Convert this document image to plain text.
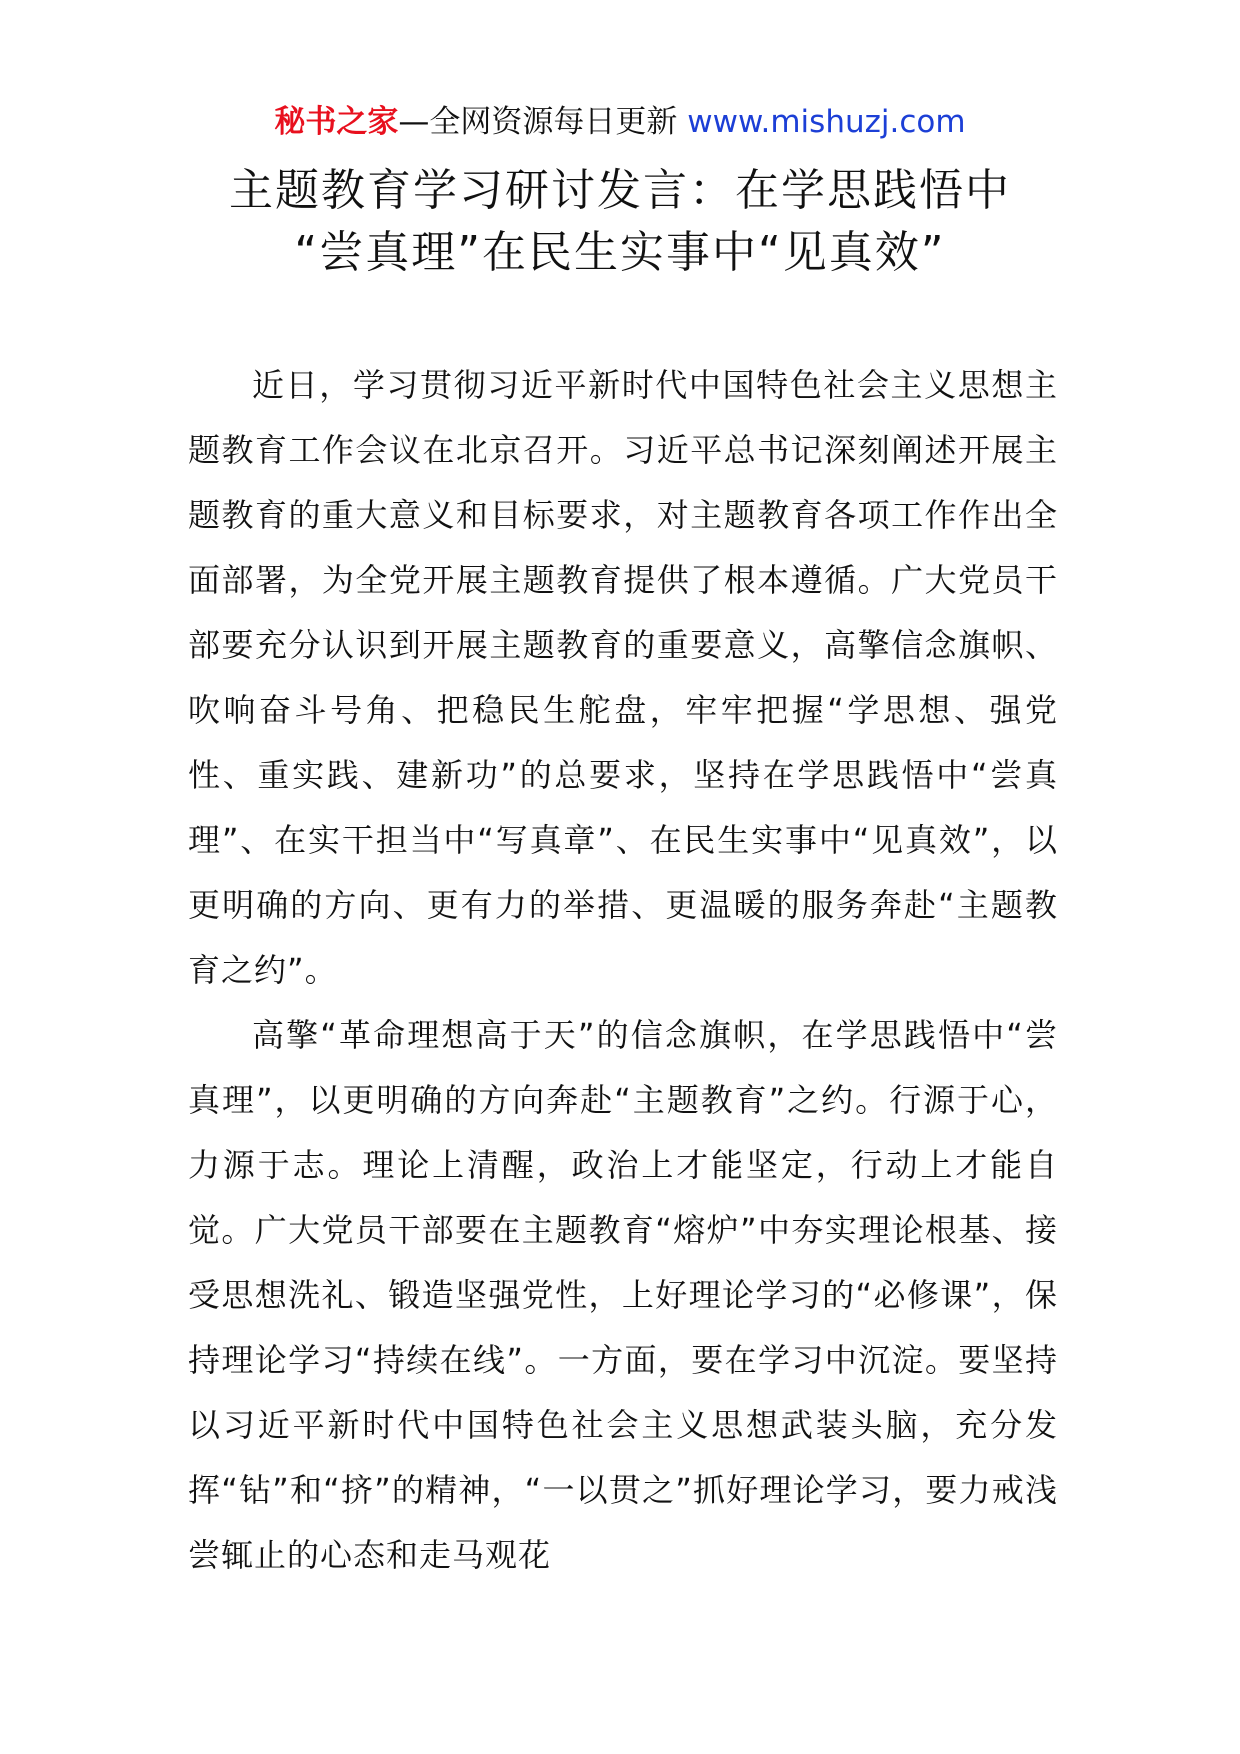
秘书之家—全网资源每日更新 www.mishuzj.com
主题教育学习研讨发言：在学思践悟中
“尝真理”在民生实事中“见真效”

近日，学习贯彻习近平新时代中国特色社会主义思想主题教育工作会议在北京召开。习近平总书记深刻阐述开展主题教育的重大意义和目标要求，对主题教育各项工作作出全面部署，为全党开展主题教育提供了根本遵循。广大党员干部要充分认识到开展主题教育的重要意义，高擎信念旗帜、吹响奋斗号角、把稳民生舵盘，牢牢把握“学思想、强党性、重实践、建新功”的总要求，坚持在学思践悟中“尝真理”、在实干担当中“写真章”、在民生实事中“见真效”，以更明确的方向、更有力的举措、更温暖的服务奔赴“主题教育之约”。

高擎“革命理想高于天”的信念旗帜，在学思践悟中“尝真理”，以更明确的方向奔赴“主题教育”之约。行源于心，力源于志。理论上清醒，政治上才能坚定，行动上才能自觉。广大党员干部要在主题教育“熔炉”中夯实理论根基、接受思想洗礼、锻造坚强党性，上好理论学习的“必修课”，保持理论学习“持续在线”。一方面，要在学习中沉淀。要坚持以习近平新时代中国特色社会主义思想武装头脑，充分发挥“钻”和“挤”的精神，“一以贯之”抓好理论学习，要力戒浅尝辄止的心态和走马观花
